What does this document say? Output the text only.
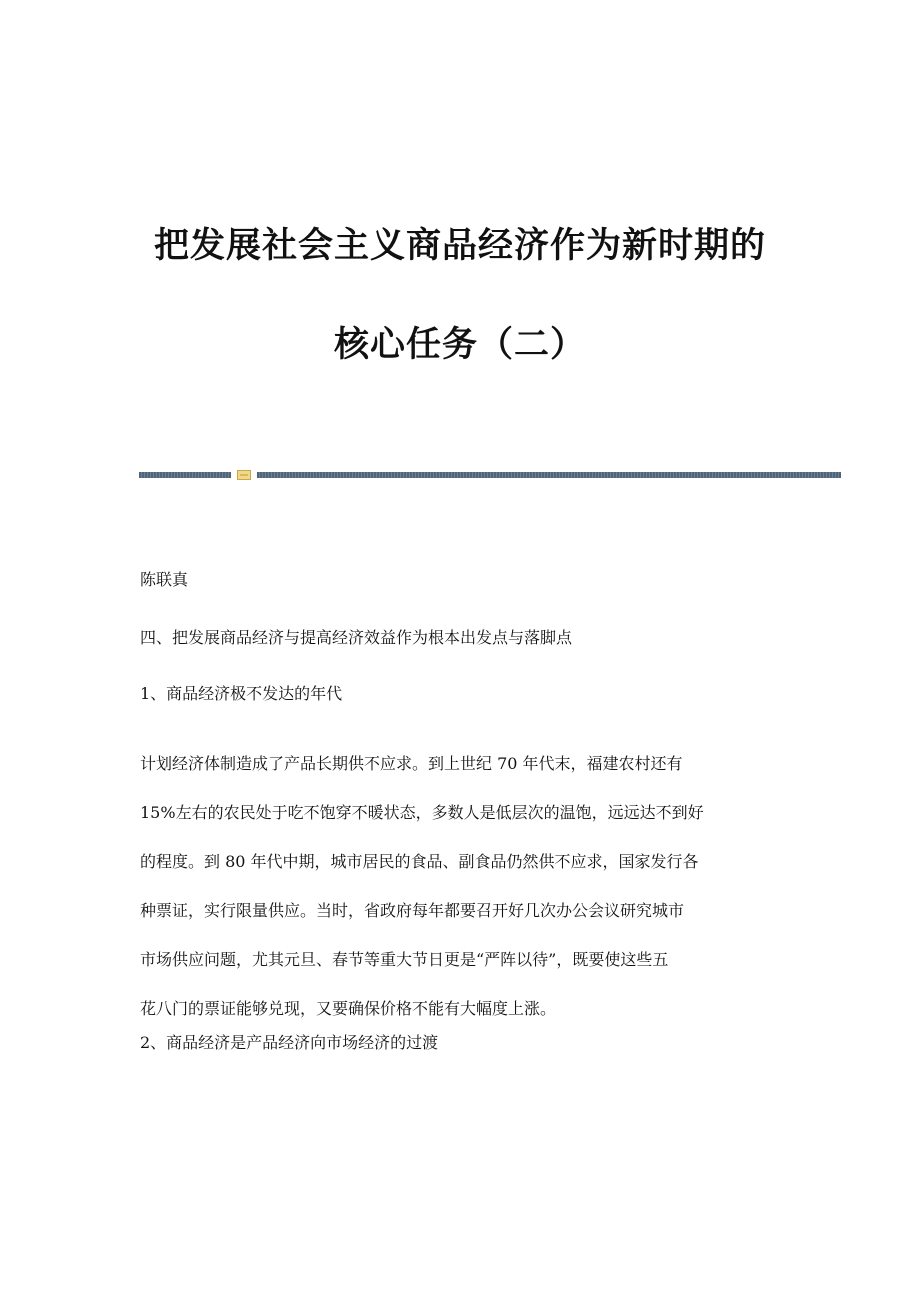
把发展社会主义商品经济作为新时期的
核心任务（二）

陈联真

四、把发展商品经济与提高经济效益作为根本出发点与落脚点

1、商品经济极不发达的年代

计划经济体制造成了产品长期供不应求。到上世纪 70 年代末，福建农村还有
15%左右的农民处于吃不饱穿不暖状态，多数人是低层次的温饱，远远达不到好
的程度。到 80 年代中期，城市居民的食品、副食品仍然供不应求，国家发行各
种票证，实行限量供应。当时，省政府每年都要召开好几次办公会议研究城市
市场供应问题，尤其元旦、春节等重大节日更是“严阵以待”，既要使这些五
花八门的票证能够兑现，又要确保价格不能有大幅度上涨。

2、商品经济是产品经济向市场经济的过渡
